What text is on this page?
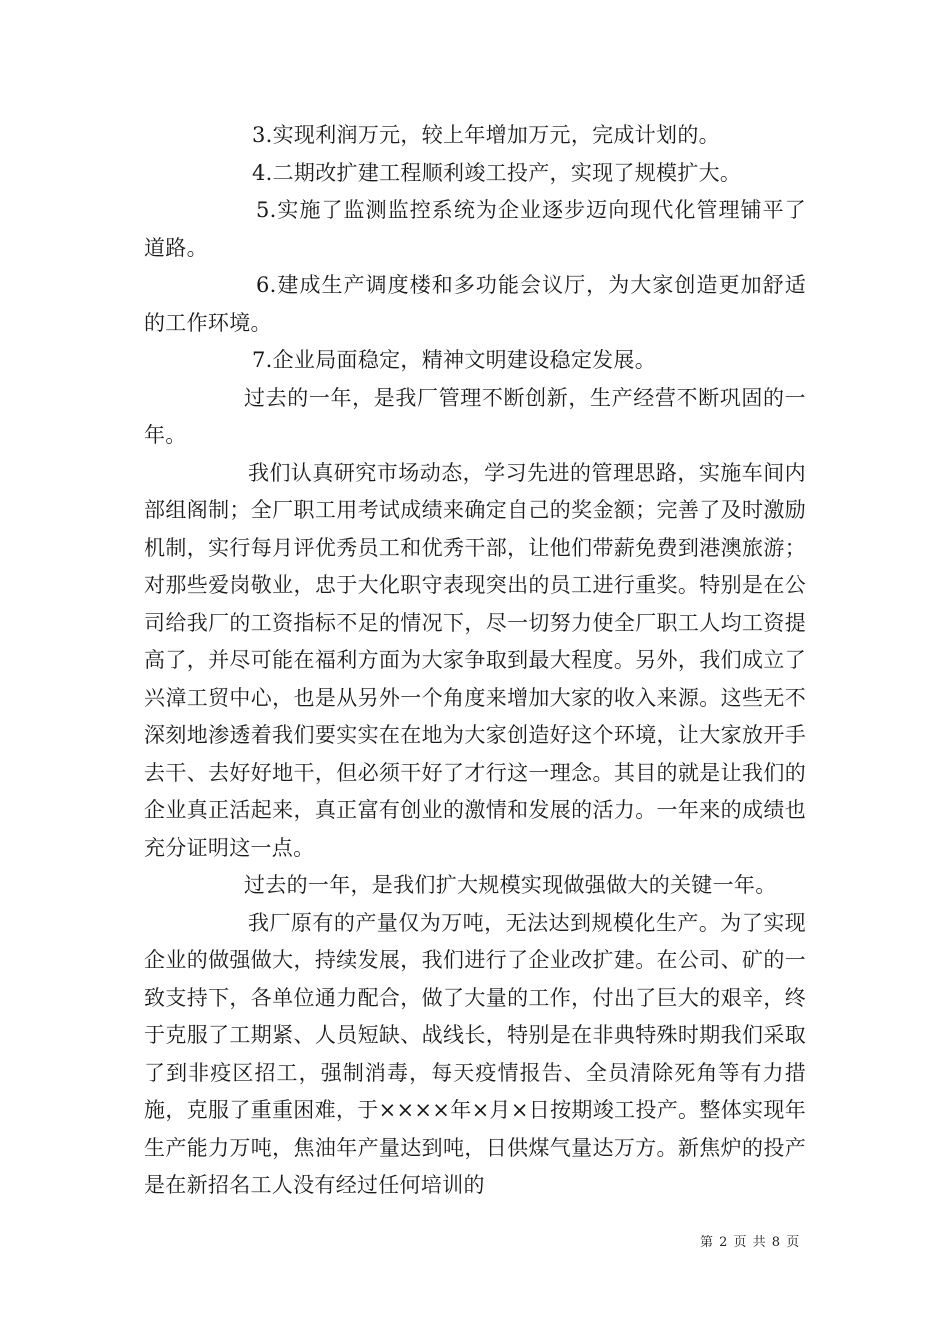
3.实现利润万元，较上年增加万元，完成计划的。

4.二期改扩建工程顺利竣工投产，实现了规模扩大。

5.实施了监测监控系统为企业逐步迈向现代化管理铺平了道路。

6.建成生产调度楼和多功能会议厅，为大家创造更加舒适的工作环境。

7.企业局面稳定，精神文明建设稳定发展。

过去的一年，是我厂管理不断创新，生产经营不断巩固的一年。

我们认真研究市场动态，学习先进的管理思路，实施车间内部组阁制；全厂职工用考试成绩来确定自己的奖金额；完善了及时激励机制，实行每月评优秀员工和优秀干部，让他们带薪免费到港澳旅游；对那些爱岗敬业，忠于大化职守表现突出的员工进行重奖。特别是在公司给我厂的工资指标不足的情况下，尽一切努力使全厂职工人均工资提高了，并尽可能在福利方面为大家争取到最大程度。另外，我们成立了兴漳工贸中心，也是从另外一个角度来增加大家的收入来源。这些无不深刻地渗透着我们要实实在在地为大家创造好这个环境，让大家放开手去干、去好好地干，但必须干好了才行这一理念。其目的就是让我们的企业真正活起来，真正富有创业的激情和发展的活力。一年来的成绩也充分证明这一点。

过去的一年，是我们扩大规模实现做强做大的关键一年。

我厂原有的产量仅为万吨，无法达到规模化生产。为了实现企业的做强做大，持续发展，我们进行了企业改扩建。在公司、矿的一致支持下，各单位通力配合，做了大量的工作，付出了巨大的艰辛，终于克服了工期紧、人员短缺、战线长，特别是在非典特殊时期我们采取了到非疫区招工，强制消毒，每天疫情报告、全员清除死角等有力措施，克服了重重困难，于××××年×月×日按期竣工投产。整体实现年生产能力万吨，焦油年产量达到吨，日供煤气量达万方。新焦炉的投产是在新招名工人没有经过任何培训的

第 2 页 共 8 页
